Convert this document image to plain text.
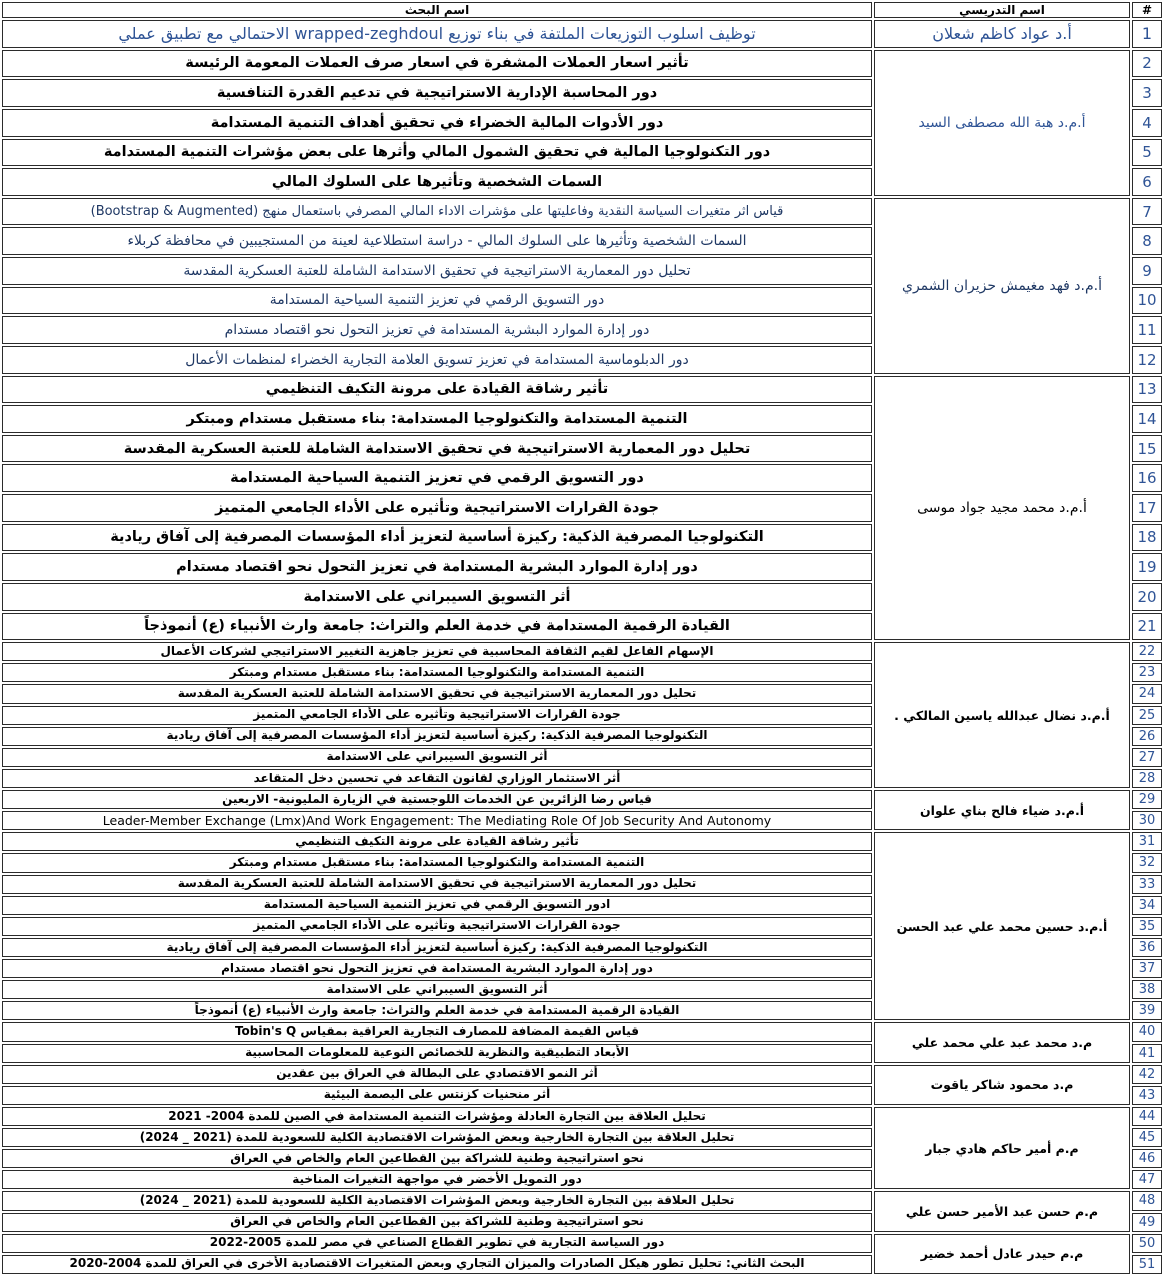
#	اسم التدريسي	اسم البحث
1	أ.د عواد كاظم شعلان	توظيف اسلوب التوزيعات الملتفة في بناء توزيع wrapped-zeghdoul الاحتمالي مع تطبيق عملي
2	أ.م.د هبة الله مصطفى السيد	تأثير اسعار العملات المشفرة في اسعار صرف العملات المعومة الرئيسة
3		دور المحاسبة الإدارية الاستراتيجية في تدعيم القدرة التنافسية
4		دور الأدوات المالية الخضراء في تحقيق أهداف التنمية المستدامة
5		دور التكنولوجيا المالية في تحقيق الشمول المالي وأثرها على بعض مؤشرات التنمية المستدامة
6		السمات الشخصية وتأثيرها على السلوك المالي
7	أ.م.د فهد مغيمش حزيران الشمري	قياس اثر متغيرات السياسة النقدية وفاعليتها على مؤشرات الاداء المالي المصرفي باستعمال منهج (Bootstrap & Augmented)
8		السمات الشخصية وتأثيرها على السلوك المالي - دراسة استطلاعية لعينة من المستجيبين في محافظة كربلاء
9		تحليل دور المعمارية الاستراتيجية في تحقيق الاستدامة الشاملة للعتبة العسكرية المقدسة
10		دور التسويق الرقمي في تعزيز التنمية السياحية المستدامة
11		دور إدارة الموارد البشرية المستدامة في تعزيز التحول نحو اقتصاد مستدام
12		دور الدبلوماسية المستدامة في تعزيز تسويق العلامة التجارية الخضراء لمنظمات الأعمال
13	أ.م.د محمد مجيد جواد موسى	تأثير رشاقة القيادة على مرونة التكيف التنظيمي
14		التنمية المستدامة والتكنولوجيا المستدامة: بناء مستقبل مستدام ومبتكر
15		تحليل دور المعمارية الاستراتيجية في تحقيق الاستدامة الشاملة للعتبة العسكرية المقدسة
16		دور التسويق الرقمي في تعزيز التنمية السياحية المستدامة
17		جودة القرارات الاستراتيجية وتأثيره على الأداء الجامعي المتميز
18		التكنولوجيا المصرفية الذكية: ركيزة أساسية لتعزيز أداء المؤسسات المصرفية إلى آفاق ريادية
19		دور إدارة الموارد البشرية المستدامة في تعزيز التحول نحو اقتصاد مستدام
20		أثر التسويق السيبراني على الاستدامة
21		القيادة الرقمية المستدامة في خدمة العلم والتراث: جامعة وارث الأنبياء (ع) أنموذجاً
22	أ.م.د نضال عبدالله ياسين المالكي .	الإسهام الفاعل لقيم الثقافة المحاسبية في تعزيز جاهزية التغيير الاستراتيجي لشركات الأعمال
23		التنمية المستدامة والتكنولوجيا المستدامة: بناء مستقبل مستدام ومبتكر
24		تحليل دور المعمارية الاستراتيجية في تحقيق الاستدامة الشاملة للعتبة العسكرية المقدسة
25		جودة القرارات الاستراتيجية وتأثيره على الأداء الجامعي المتميز
26		التكنولوجيا المصرفية الذكية: ركيزة أساسية لتعزيز أداء المؤسسات المصرفية إلى آفاق ريادية
27		أثر التسويق السيبراني على الاستدامة
28		أثر الاستثمار الوزاري لقانون التقاعد في تحسين دخل المتقاعد
29	أ.م.د ضياء فالح بناي علوان	قياس رضا الزائرين عن الخدمات اللوجستية في الزيارة المليونية- الاربعين
30		Leader-Member Exchange (Lmx)And Work Engagement: The Mediating Role Of Job Security And Autonomy
31	أ.م.د حسين محمد علي عبد الحسن	تأثير رشاقة القيادة على مرونة التكيف التنظيمي
32		التنمية المستدامة والتكنولوجيا المستدامة: بناء مستقبل مستدام ومبتكر
33		تحليل دور المعمارية الاستراتيجية في تحقيق الاستدامة الشاملة للعتبة العسكرية المقدسة
34		ادور التسويق الرقمي في تعزيز التنمية السياحية المستدامة
35		جودة القرارات الاستراتيجية وتأثيره على الأداء الجامعي المتميز
36		التكنولوجيا المصرفية الذكية: ركيزة أساسية لتعزيز أداء المؤسسات المصرفية إلى آفاق ريادية
37		دور إدارة الموارد البشرية المستدامة في تعزيز التحول نحو اقتصاد مستدام
38		أثر التسويق السيبراني على الاستدامة
39		القيادة الرقمية المستدامة في خدمة العلم والتراث: جامعة وارث الأنبياء (ع) أنموذجاً
40	م.د محمد عبد علي محمد علي	قياس القيمة المضافة للمصارف التجارية العراقية بمقياس Tobin's Q
41		الأبعاد التطبيقية والنظرية للخصائص النوعية للمعلومات المحاسبية
42	م.د محمود شاكر ياقوت	أثر النمو الاقتصادي على البطالة في العراق بين عقدين
43		أثر منحنيات كزنتس على البصمة البيئية
44	م.م أمير حاكم هادي جبار	تحليل العلاقة بين التجارة العادلة ومؤشرات التنمية المستدامة في الصين للمدة 2004- 2021
45		تحليل العلاقة بين التجارة الخارجية وبعض المؤشرات الاقتصادية الكلية للسعودية للمدة (2021 _ 2024)
46		نحو استراتيجية وطنية للشراكة بين القطاعين العام والخاص في العراق
47		دور التمويل الأخضر في مواجهة التغيرات المناخية
48	م.م حسن عبد الأمير حسن علي	تحليل العلاقة بين التجارة الخارجية وبعض المؤشرات الاقتصادية الكلية للسعودية للمدة (2021 _ 2024)
49		نحو استراتيجية وطنية للشراكة بين القطاعين العام والخاص في العراق
50	م.م حيدر عادل أحمد خضير	دور السياسة التجارية في تطوير القطاع الصناعي في مصر للمدة 2005-2022
51		البحث الثاني: تحليل تطور هيكل الصادرات والميزان التجاري وبعض المتغيرات الاقتصادية الأخرى في العراق للمدة 2004-2020
